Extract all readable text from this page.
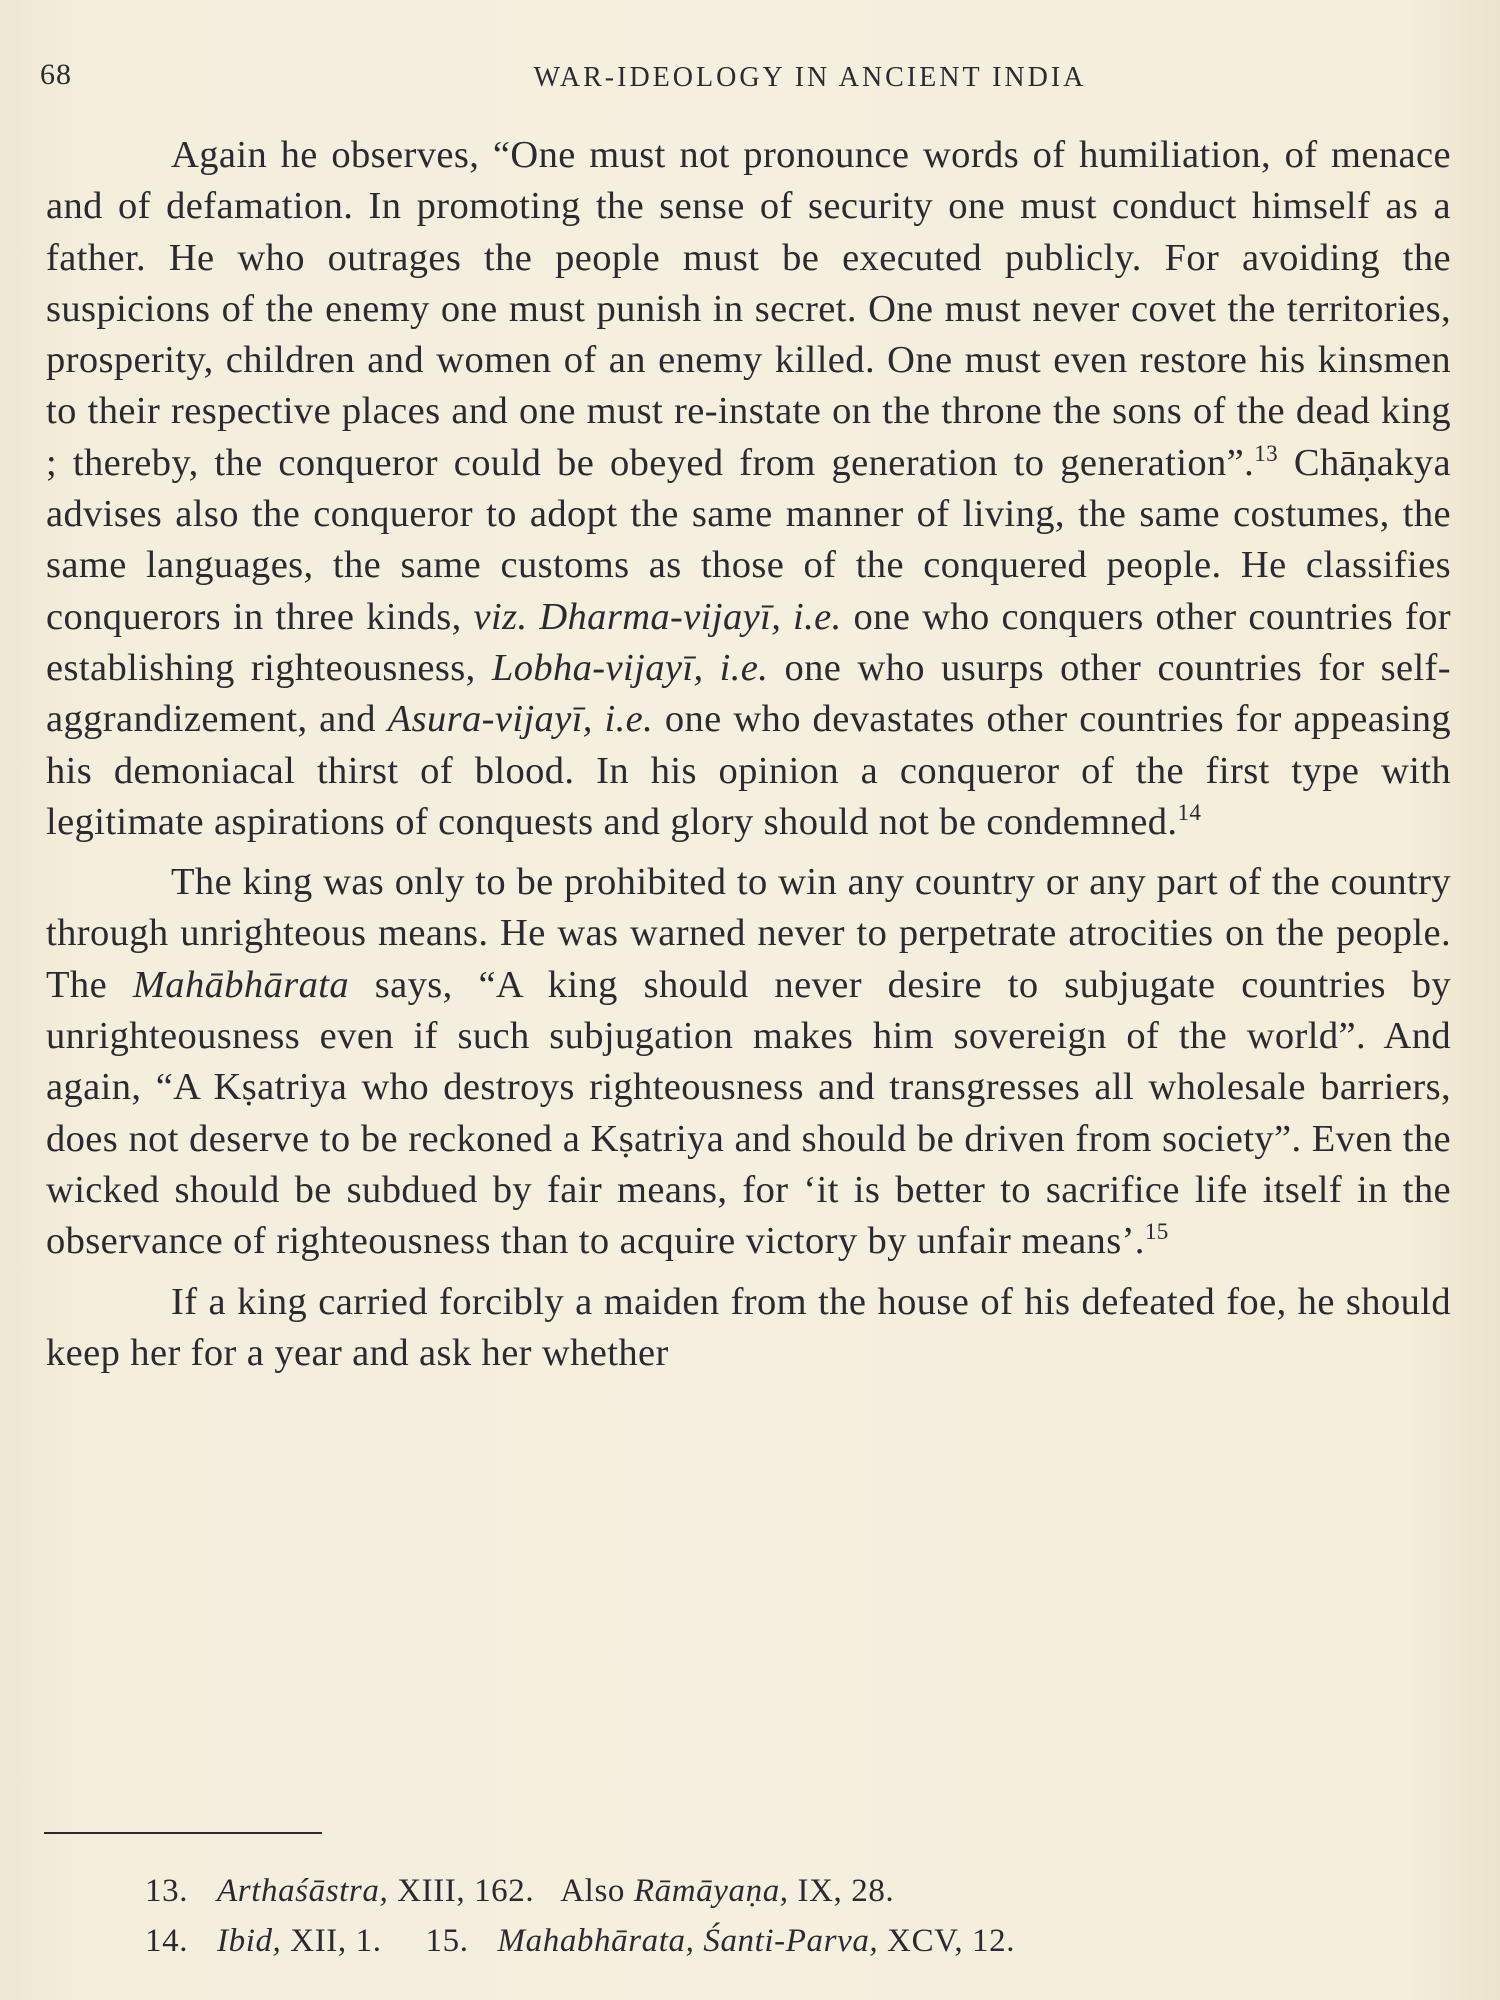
68	WAR-IDEOLOGY IN ANCIENT INDIA

Again he observes, “One must not pronounce words of humiliation, of menace and of defamation. In promoting the sense of security one must conduct himself as a father. He who outrages the people must be executed publicly. For avoiding the suspicions of the enemy one must punish in secret. One must never covet the territories, prosperity, children and women of an enemy killed. One must even restore his kinsmen to their respective places and one must re-instate on the throne the sons of the dead king ; thereby, the conqueror could be obeyed from generation to generation”.$^{13}$ Chāṇakya advises also the conqueror to adopt the same manner of living, the same costumes, the same languages, the same customs as those of the conquered people. He classifies conquerors in three kinds, viz. Dharma-vijayī, i.e. one who conquers other countries for establishing righteousness, Lobha-vijayī, i.e. one who usurps other countries for self-aggrandizement, and Asura-vijayī, i.e. one who devastates other countries for appeasing his demoniacal thirst of blood. In his opinion a conqueror of the first type with legitimate aspirations of conquests and glory should not be condemned.$^{14}$

The king was only to be prohibited to win any country or any part of the country through unrighteous means. He was warned never to perpetrate atrocities on the people. The Mahābhārata says, “A king should never desire to subjugate countries by unrighteousness even if such subjugation makes him sovereign of the world”. And again, “A Kṣatriya who destroys righteousness and transgresses all wholesale barriers, does not deserve to be reckoned a Kṣatriya and should be driven from society”. Even the wicked should be subdued by fair means, for ‘it is better to sacrifice life itself in the observance of righteousness than to acquire victory by unfair means’.$^{15}$

If a king carried forcibly a maiden from the house of his defeated foe, he should keep her for a year and ask her whether

13. Arthaśāstra, XIII, 162. Also Rāmāyaṇa, IX, 28.
14. Ibid, XII, 1. 15. Mahabhārata, Śanti-Parva, XCV, 12.
